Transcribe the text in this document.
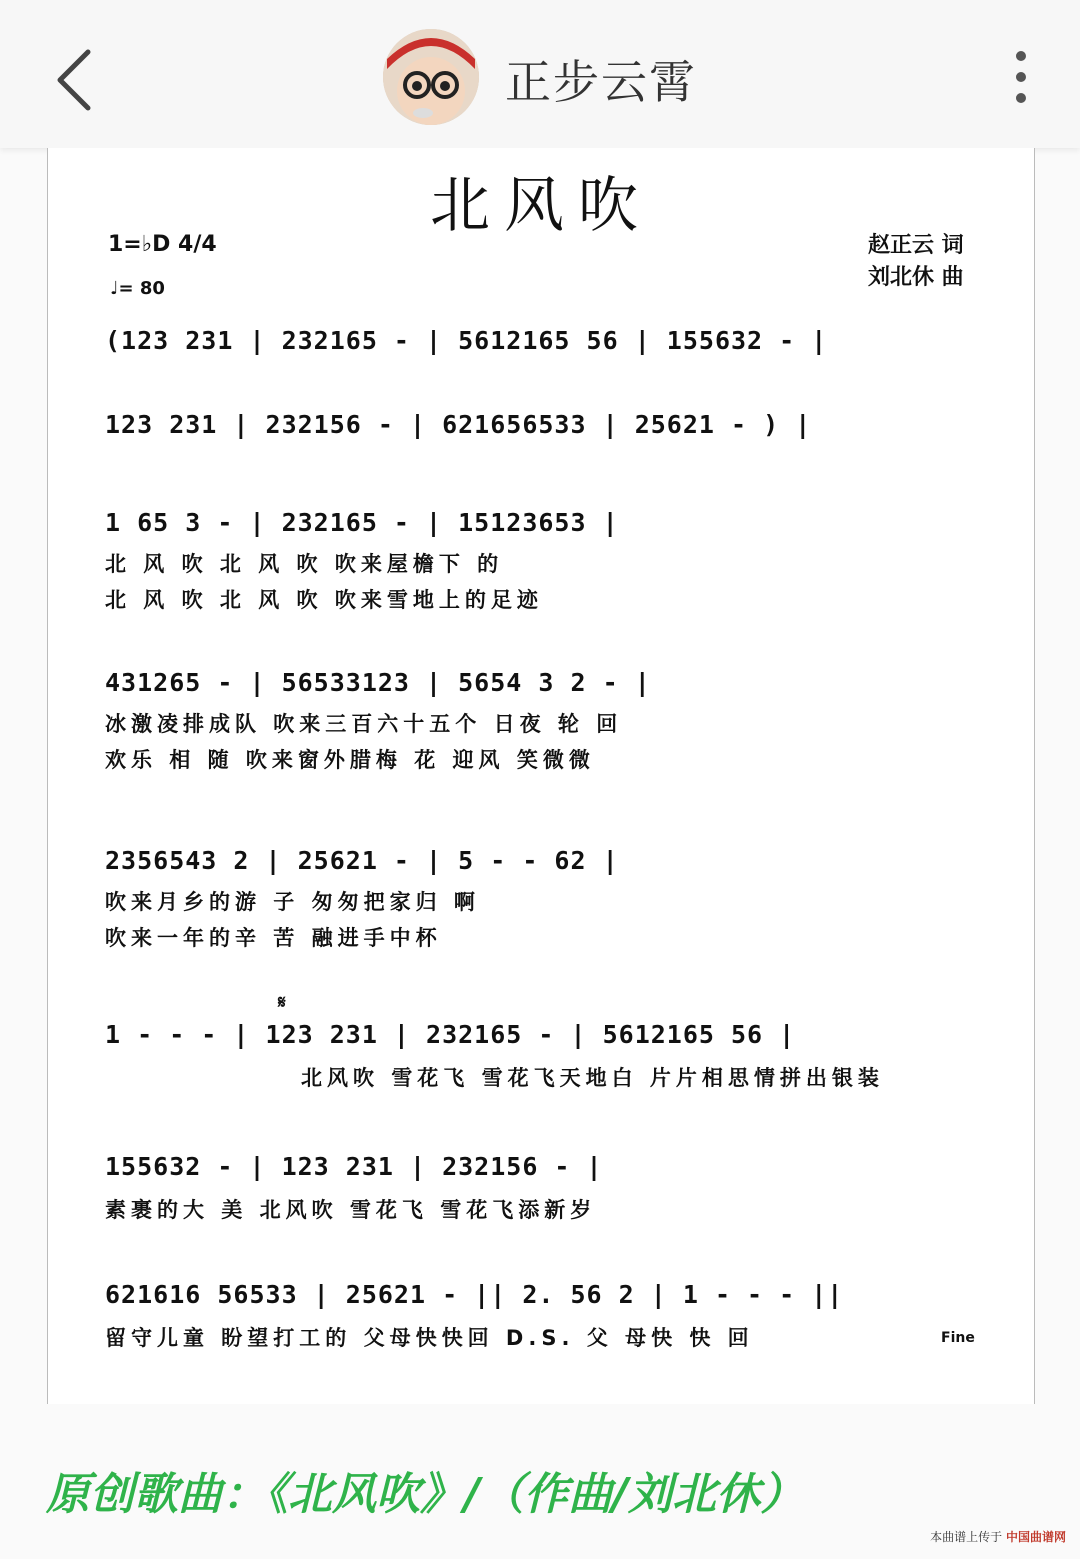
正步云霄
北风吹
1=♭D 4/4
♩= 80
赵正云 词
刘北休 曲
(123 231 | 232165 - | 5612165 56 | 155632 - |
123 231 | 232156 - | 621656533 | 25621 - ) |
1 65 3 - | 232165 - | 15123653 |
北 风 吹 北 风 吹 吹来屋檐下 的
北 风 吹 北 风 吹 吹来雪地上的足迹
431265 - | 56533123 | 5654 3 2 - |
冰激凌排成队 吹来三百六十五个 日夜 轮 回
欢乐 相 随 吹来窗外腊梅 花 迎风 笑微微
2356543 2 | 25621 - | 5 - - 62 |
吹来月乡的游 子 匆匆把家归 啊
吹来一年的辛 苦 融进手中杯
𝄋
1 - - - | 123 231 | 232165 - | 5612165 56 |
北风吹 雪花飞 雪花飞天地白 片片相思情拼出银装
155632 - | 123 231 | 232156 - |
素裹的大 美 北风吹 雪花飞 雪花飞添新岁
621616 56533 | 25621 - || 2. 56 2 | 1 - - - ||
留守儿童 盼望打工的 父母快快回 D.S. 父 母快 快 回	Fine
原创歌曲：《北风吹》/（作曲/刘北休）
本曲谱上传于 中国曲谱网
